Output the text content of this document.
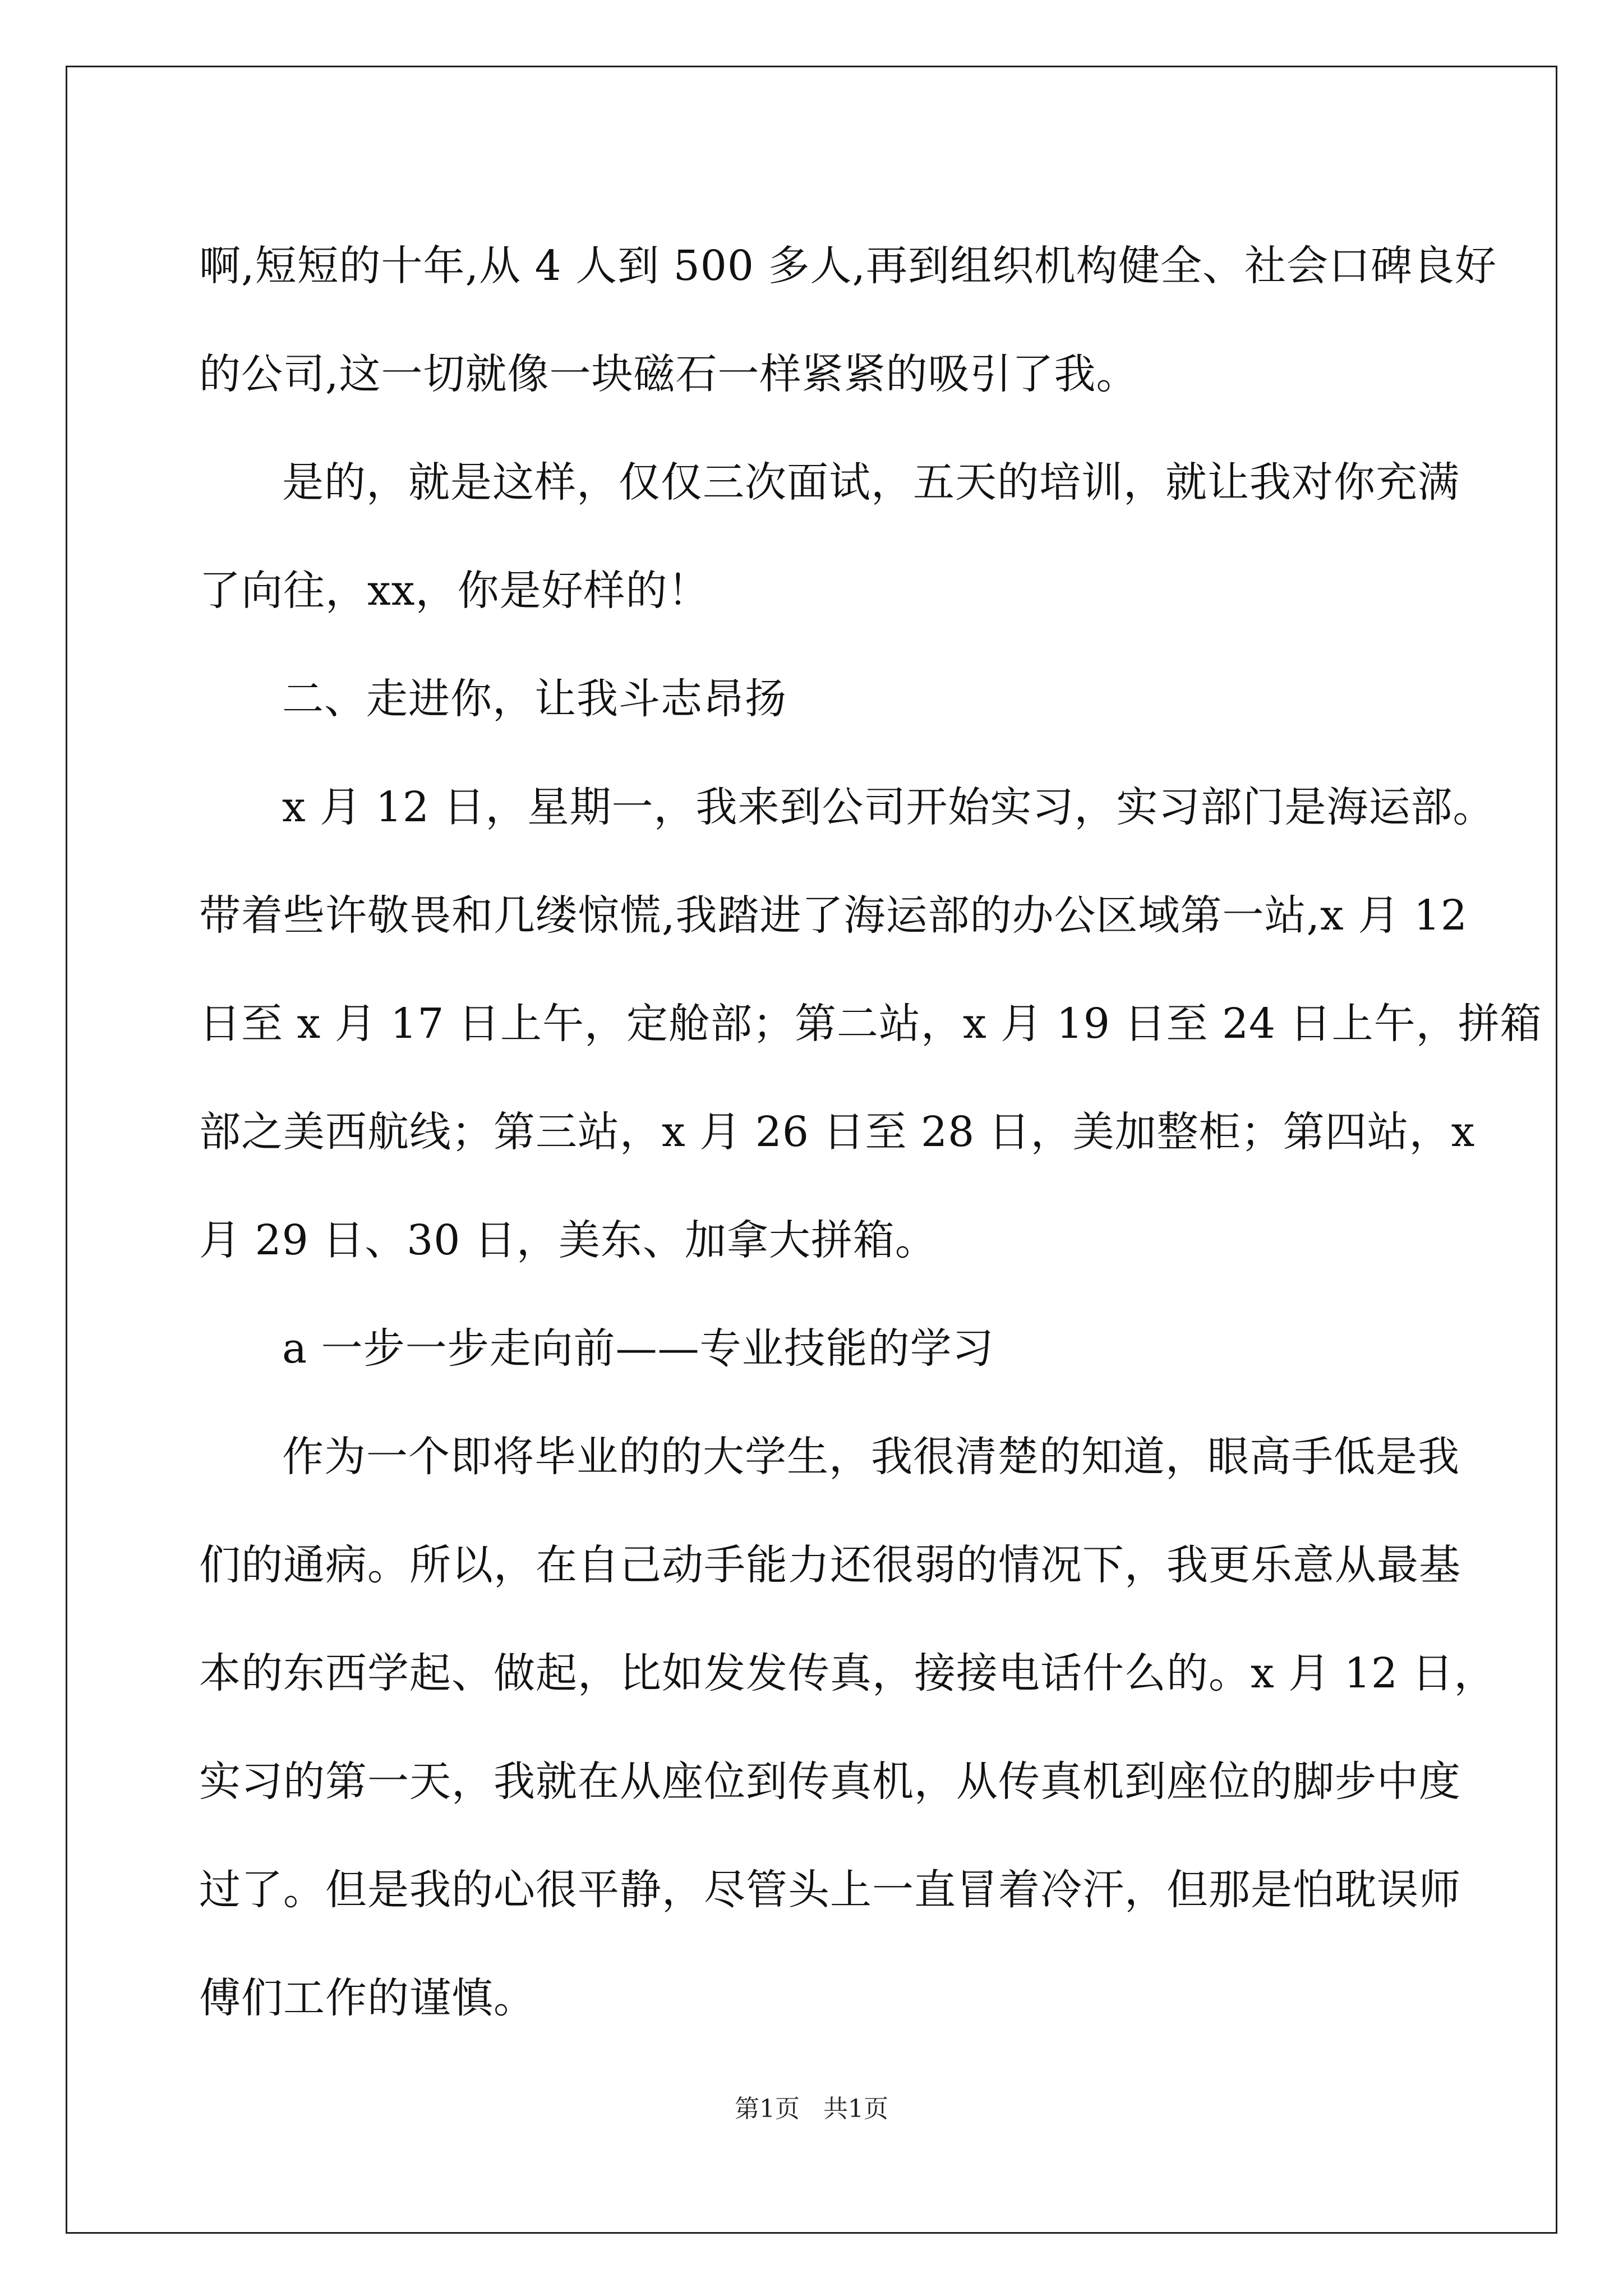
啊,短短的十年,从 4 人到 500 多人,再到组织机构健全、社会口碑良好
的公司,这一切就像一块磁石一样紧紧的吸引了我。
是的，就是这样，仅仅三次面试，五天的培训，就让我对你充满
了向往，xx，你是好样的！
二、走进你，让我斗志昂扬
x 月 12 日，星期一，我来到公司开始实习，实习部门是海运部。
带着些许敬畏和几缕惊慌,我踏进了海运部的办公区域第一站,x 月 12
日至 x 月 17 日上午，定舱部；第二站，x 月 19 日至 24 日上午，拼箱
部之美西航线；第三站，x 月 26 日至 28 日，美加整柜；第四站，x
月 29 日、30 日，美东、加拿大拼箱。
a 一步一步走向前——专业技能的学习
作为一个即将毕业的的大学生，我很清楚的知道，眼高手低是我
们的通病。所以，在自己动手能力还很弱的情况下，我更乐意从最基
本的东西学起、做起，比如发发传真，接接电话什么的。x 月 12 日，
实习的第一天，我就在从座位到传真机，从传真机到座位的脚步中度
过了。但是我的心很平静，尽管头上一直冒着冷汗，但那是怕耽误师
傅们工作的谨慎。
第1页   共1页
